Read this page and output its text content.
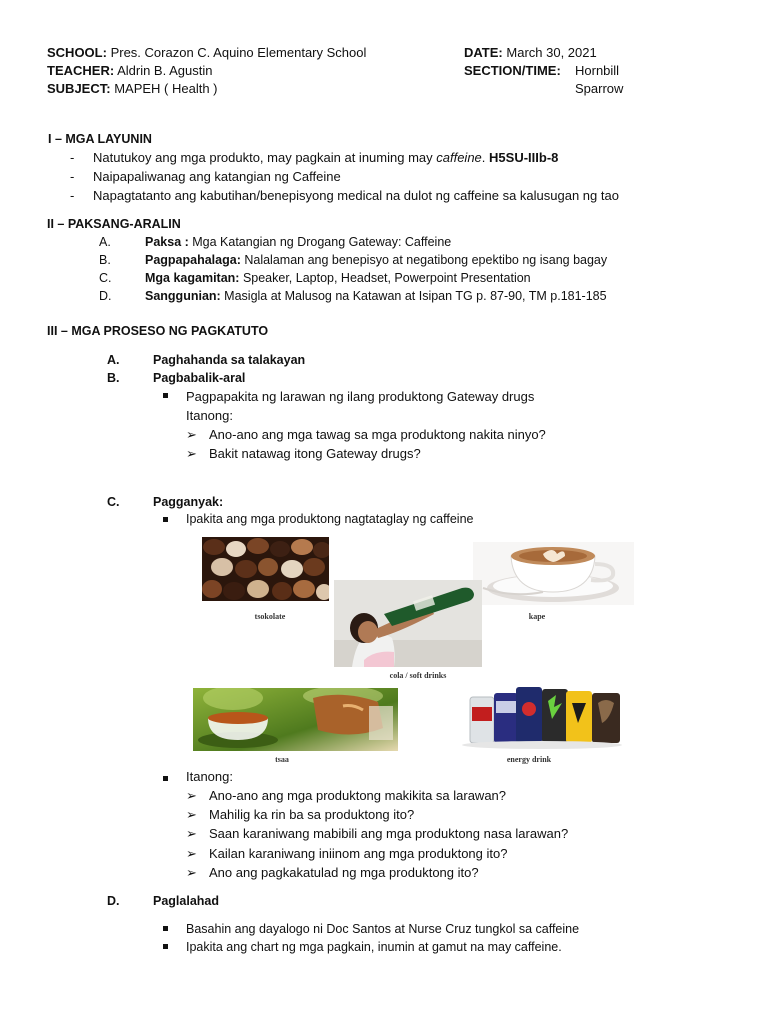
SCHOOL: Pres. Corazon C. Aquino Elementary School
TEACHER: Aldrin B. Agustin
SUBJECT: MAPEH ( Health )
DATE: March 30, 2021
SECTION/TIME: Hornbill
Sparrow
I – MGA LAYUNIN
- Natutukoy ang mga produkto, may pagkain at inuming may caffeine. H5SU-IIIb-8
- Naipapaliwanag ang katangian ng Caffeine
- Napagtatanto ang kabutihan/benepisyong medical na dulot ng caffeine sa kalusugan ng tao
II – PAKSANG-ARALIN
A.	Paksa : Mga Katangian ng Drogang Gateway: Caffeine
B.	Pagpapahalaga: Nalalaman ang benepisyo at negatibong epektibo ng isang bagay
C.	Mga kagamitan: Speaker, Laptop, Headset, Powerpoint Presentation
D.	Sanggunian: Masigla at Malusog na Katawan at Isipan TG p. 87-90, TM p.181-185
III – MGA PROSESO NG PAGKATUTO
A.	Paghahanda sa talakayan
B.	Pagbabalik-aral
Pagpapakita ng larawan ng ilang produktong Gateway drugs
Itanong:
➢ Ano-ano ang mga tawag sa mga produktong nakita ninyo?
➢ Bakit natawag itong Gateway drugs?
C.	Pagganyak:
Ipakita ang mga produktong nagtataglay ng caffeine
tsokolate	kape
cola / soft drinks
tsaa	energy drink
Itanong:
➢ Ano-ano ang mga produktong makikita sa larawan?
➢ Mahilig ka rin ba sa produktong ito?
➢ Saan karaniwang mabibili ang mga produktong nasa larawan?
➢ Kailan karaniwang iniinom ang mga produktong ito?
➢ Ano ang pagkakatulad ng mga produktong ito?
D.	Paglalahad
Basahin ang dayalogo ni Doc Santos at Nurse Cruz tungkol sa caffeine
Ipakita ang chart ng mga pagkain, inumin at gamut na may caffeine.
